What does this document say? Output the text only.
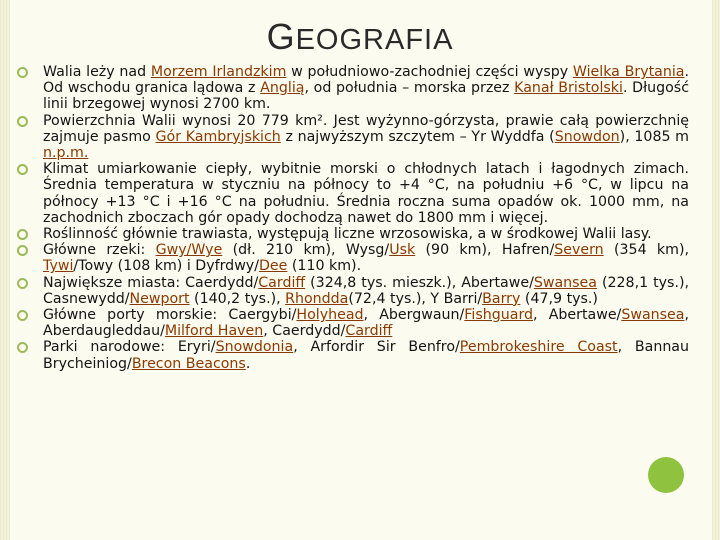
GEOGRAFIA
Walia leży nad Morzem Irlandzkim w południowo-zachodniej części wyspy Wielka Brytania. Od wschodu granica lądowa z Anglią, od południa – morska przez Kanał Bristolski. Długość linii brzegowej wynosi 2700 km.
Powierzchnia Walii wynosi 20 779 km². Jest wyżynno-górzysta, prawie całą powierzchnię zajmuje pasmo Gór Kambryjskich z najwyższym szczytem – Yr Wyddfa (Snowdon), 1085 m n.p.m.
Klimat umiarkowanie ciepły, wybitnie morski o chłodnych latach i łagodnych zimach. Średnia temperatura w styczniu na północy to +4 °C, na południu +6 °C, w lipcu na północy +13 °C i +16 °C na południu. Średnia roczna suma opadów ok. 1000 mm, na zachodnich zboczach gór opady dochodzą nawet do 1800 mm i więcej.
Roślinność głównie trawiasta, występują liczne wrzosowiska, a w środkowej Walii lasy.
Główne rzeki: Gwy/Wye (dł. 210 km), Wysg/Usk (90 km), Hafren/Severn (354 km), Tywi/Towy (108 km) i Dyfrdwy/Dee (110 km).
Największe miasta: Caerdydd/Cardiff (324,8 tys. mieszk.), Abertawe/Swansea (228,1 tys.), Casnewydd/Newport (140,2 tys.), Rhondda(72,4 tys.), Y Barri/Barry (47,9 tys.)
Główne porty morskie: Caergybi/Holyhead, Abergwaun/Fishguard, Abertawe/Swansea, Aberdaugleddau/Milford Haven, Caerdydd/Cardiff
Parki narodowe: Eryri/Snowdonia, Arfordir Sir Benfro/Pembrokeshire Coast, Bannau Brycheiniog/Brecon Beacons.
